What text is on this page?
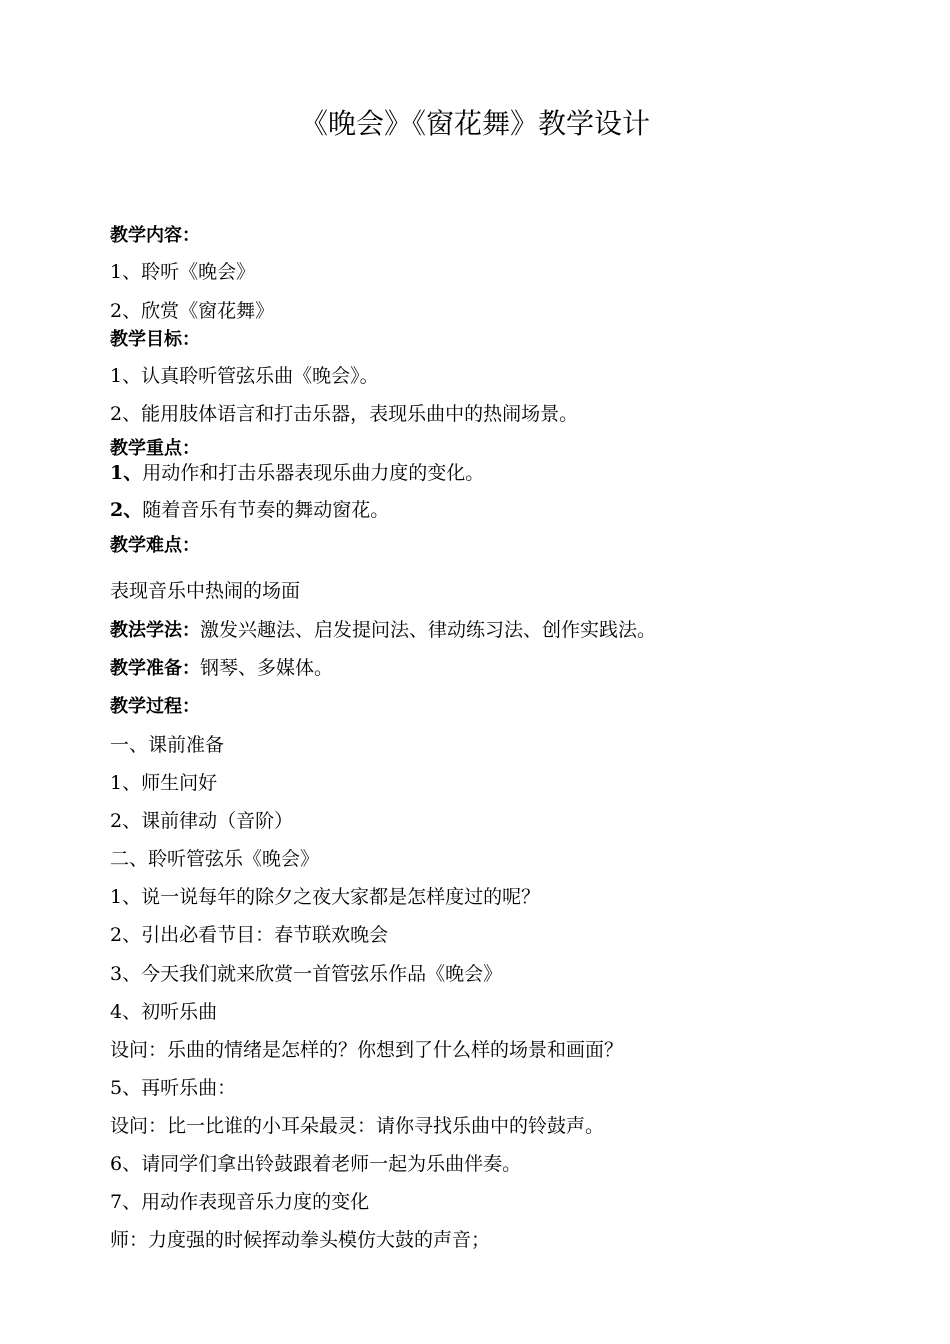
《晚会》《窗花舞》教学设计
教学内容：
1、聆听《晚会》
2、欣赏《窗花舞》
教学目标：
1、认真聆听管弦乐曲《晚会》。
2、能用肢体语言和打击乐器，表现乐曲中的热闹场景。
教学重点：
1、用动作和打击乐器表现乐曲力度的变化。
2、随着音乐有节奏的舞动窗花。
教学难点：
表现音乐中热闹的场面
教法学法：激发兴趣法、启发提问法、律动练习法、创作实践法。
教学准备：钢琴、多媒体。
教学过程：
一、课前准备
1、师生问好
2、课前律动（音阶）
二、聆听管弦乐《晚会》
1、说一说每年的除夕之夜大家都是怎样度过的呢？
2、引出必看节目：春节联欢晚会
3、今天我们就来欣赏一首管弦乐作品《晚会》
4、初听乐曲
设问：乐曲的情绪是怎样的？你想到了什么样的场景和画面？
5、再听乐曲：
设问：比一比谁的小耳朵最灵：请你寻找乐曲中的铃鼓声。
6、请同学们拿出铃鼓跟着老师一起为乐曲伴奏。
7、用动作表现音乐力度的变化
师：力度强的时候挥动拳头模仿大鼓的声音；
